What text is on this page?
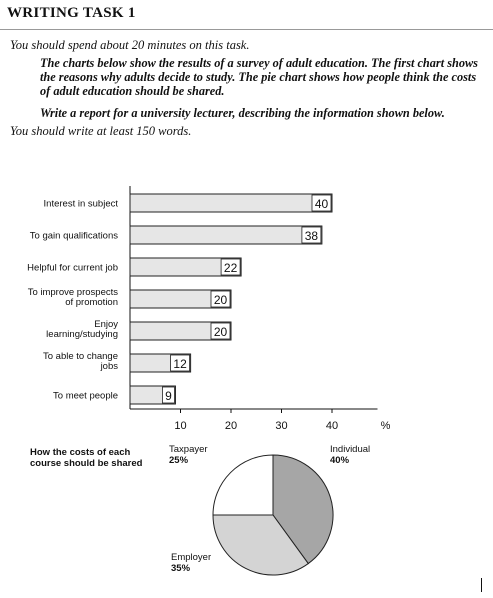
WRITING TASK 1
You should spend about 20 minutes on this task.
The charts below show the results of a survey of adult education. The first chart shows the reasons why adults decide to study. The pie chart shows how people think the costs of adult education should be shared.
Write a report for a university lecturer, describing the information shown below.
You should write at least 150 words.
40
Interest in subject
38
To gain qualifications
22
Helpful for current job
20
To improve prospects
of promotion
20
Enjoy
learning/studying
12
To able to change
jobs
9
To meet people
10	20	30	40	%
How the costs of each
course should be shared
Individual
40%
Employer
35%
Taxpayer
25%
